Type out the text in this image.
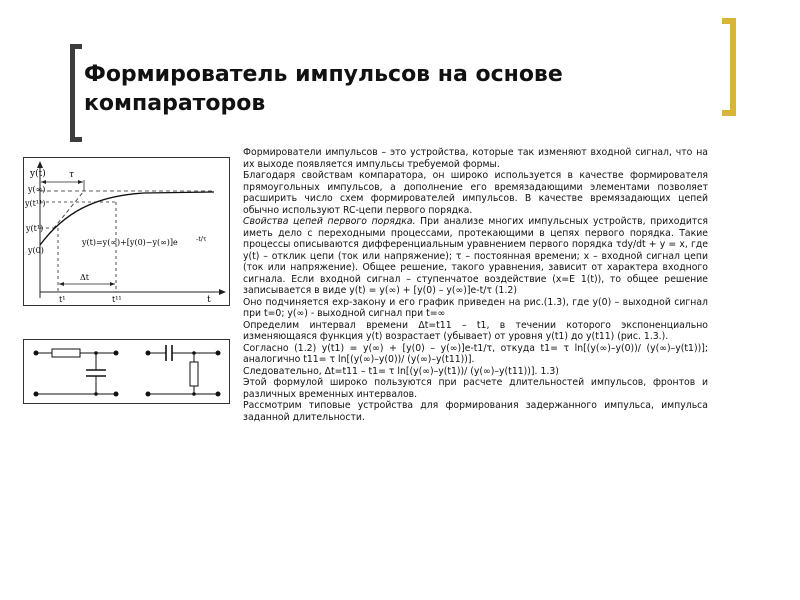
Формирователь импульсов на основе компараторов
y(t)
y(∞)
y(t¹¹)
y(t¹)
y(0)
τ
Δt
t¹	t¹¹	t
y(t)=y(∞)+[y(0)−y(∞)]e	-t/τ

Формирователи импульсов – это устройства, которые так изменяют входной сигнал, что на их выходе появляется импульсы требуемой формы.

Благодаря свойствам компаратора, он широко используется в качестве формирователя прямоугольных импульсов, а дополнение его времязадающими элементами позволяет расширить число схем формирователей импульсов. В качестве времязадающих цепей обычно используют RC-цепи первого порядка.

Свойства цепей первого порядка. При анализе многих импульсных устройств, приходится иметь дело с переходными процессами, протекающими в цепях первого порядка. Такие процессы описываются дифференциальным уравнением первого порядка τdy/dt + y = x, где y(t) – отклик цепи (ток или напряжение); τ – постоянная времени; x – входной сигнал цепи (ток или напряжение). Общее решение, такого уравнения, зависит от характера входного сигнала. Если входной сигнал – ступенчатое воздействие (x=E 1(t)), то общее решение записывается в виде y(t) = y(∞) + [y(0) – y(∞)]e-t/τ (1.2)

Оно подчиняется exp-закону и его график приведен на рис.(1.3), где y(0) – выходной сигнал при t=0; y(∞) - выходной сигнал при t=∞

Определим интервал времени Δt=t11 – t1, в течении которого экспоненциально изменяющаяся функция y(t) возрастает (убывает) от уровня y(t1) до y(t11) (рис. 1.3.).

Согласно (1.2) y(t1) = y(∞) + [y(0) – y(∞)]e-t1/τ, откуда t1= τ ln[(y(∞)–y(0))/ (y(∞)–y(t1))]; аналогично t11= τ ln[(y(∞)–y(0))/ (y(∞)–y(t11))].

Следовательно, Δt=t11 – t1= τ ln[(y(∞)–y(t1))/ (y(∞)–y(t11))]. 1.3)

Этой формулой широко пользуются при расчете длительностей импульсов, фронтов и различных временных интервалов.

Рассмотрим типовые устройства для формирования задержанного импульса, импульса заданной длительности.
